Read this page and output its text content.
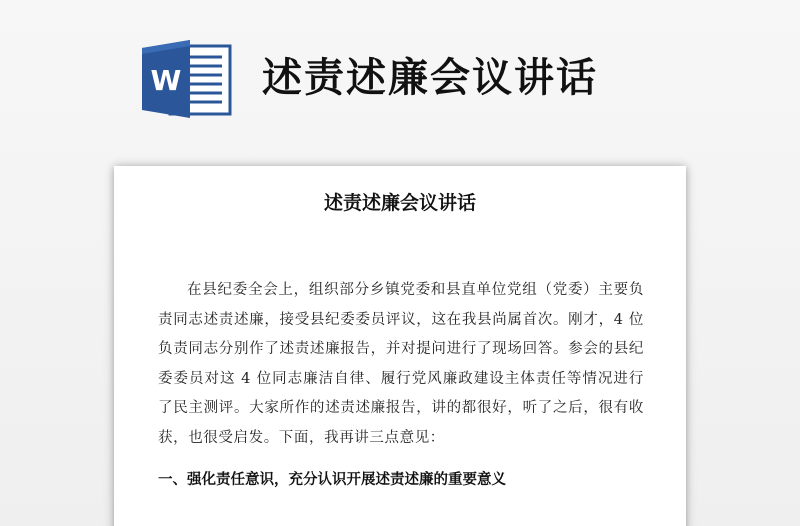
W 述责述廉会议讲话
述责述廉会议讲话

在县纪委全会上，组织部分乡镇党委和县直单位党组（党委）主要负责同志述责述廉，接受县纪委委员评议，这在我县尚属首次。刚才，4 位负责同志分别作了述责述廉报告，并对提问进行了现场回答。参会的县纪委委员对这 4 位同志廉洁自律、履行党风廉政建设主体责任等情况进行了民主测评。大家所作的述责述廉报告，讲的都很好，听了之后，很有收获，也很受启发。下面，我再讲三点意见：

一、强化责任意识，充分认识开展述责述廉的重要意义
